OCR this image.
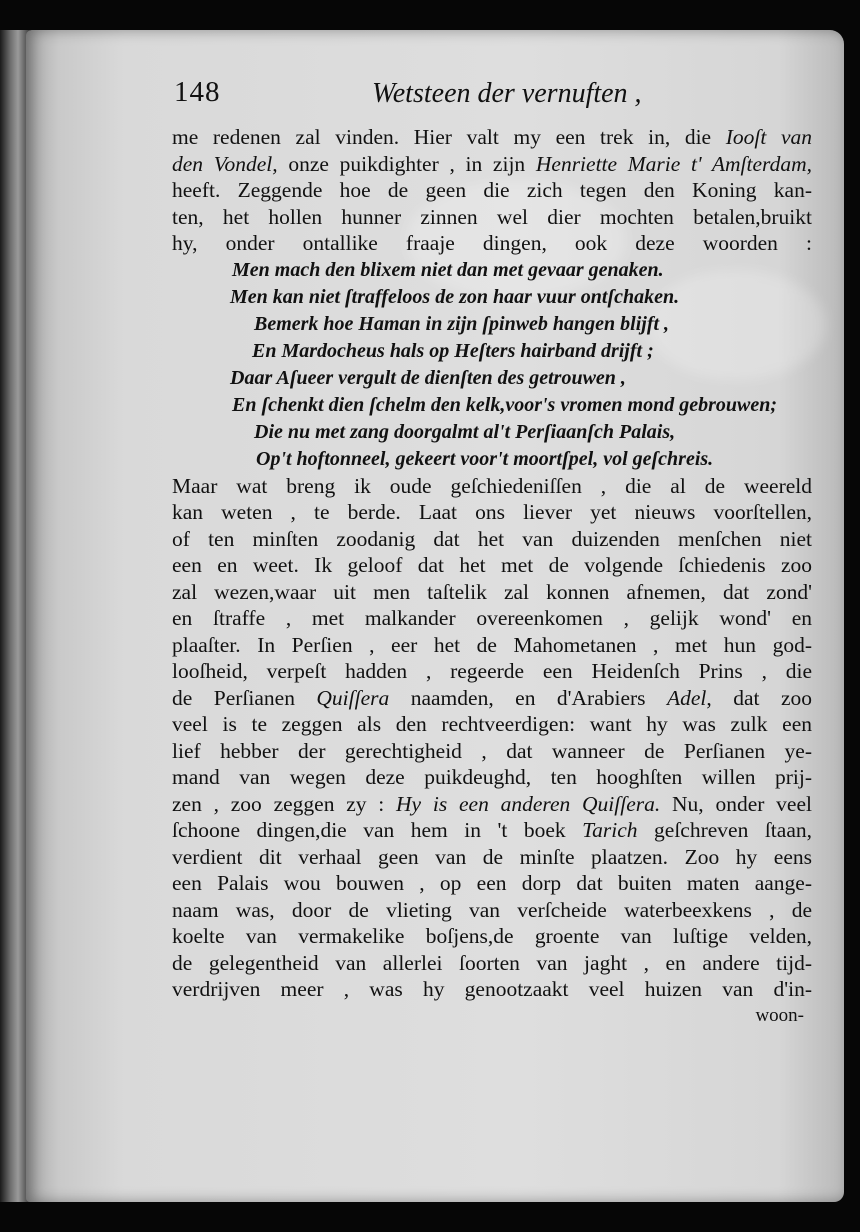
148	Wetsteen der vernuften ,
me redenen zal vinden. Hier valt my een trek in, die Iooſt van
den Vondel, onze puikdighter , in zijn Henriette Marie t' Amſterdam,
heeft. Zeggende hoe de geen die zich tegen den Koning kan-
ten, het hollen hunner zinnen wel dier mochten betalen,bruikt
hy, onder ontallike fraaje dingen, ook deze woorden :
Men mach den blixem niet dan met gevaar genaken.
Men kan niet ſtraffeloos de zon haar vuur ontſchaken.
Bemerk hoe Haman in zijn ſpinweb hangen blijft ,
En Mardocheus hals op Heſters hairband drijft ;
Daar Aſueer vergult de dienſten des getrouwen ,
En ſchenkt dien ſchelm den kelk,voor's vromen mond gebrouwen;
Die nu met zang doorgalmt al't Perſiaanſch Palais,
Op't hoftonneel, gekeert voor't moortſpel, vol geſchreis.
Maar wat breng ik oude geſchiedeniſſen , die al de weereld
kan weten , te berde. Laat ons liever yet nieuws voorſtellen,
of ten minſten zoodanig dat het van duizenden menſchen niet
een en weet. Ik geloof dat het met de volgende ſchiedenis zoo
zal wezen,waar uit men taſtelik zal konnen afnemen, dat zond'
en ſtraffe , met malkander overeenkomen , gelijk wond' en
plaaſter. In Perſien , eer het de Mahometanen , met hun god-
looſheid, verpeſt hadden , regeerde een Heidenſch Prins , die
de Perſianen Quiſſera naamden, en d'Arabiers Adel, dat zoo
veel is te zeggen als den rechtveerdigen: want hy was zulk een
lief hebber der gerechtigheid , dat wanneer de Perſianen ye-
mand van wegen deze puikdeughd, ten hooghſten willen prij-
zen , zoo zeggen zy : Hy is een anderen Quiſſera. Nu, onder veel
ſchoone dingen,die van hem in 't boek Tarich geſchreven ſtaan,
verdient dit verhaal geen van de minſte plaatzen. Zoo hy eens
een Palais wou bouwen , op een dorp dat buiten maten aange-
naam was, door de vlieting van verſcheide waterbeexkens , de
koelte van vermakelike boſjens,de groente van luſtige velden,
de gelegentheid van allerlei ſoorten van jaght , en andere tijd-
verdrijven meer , was hy genootzaakt veel huizen van d'in-
woon-
